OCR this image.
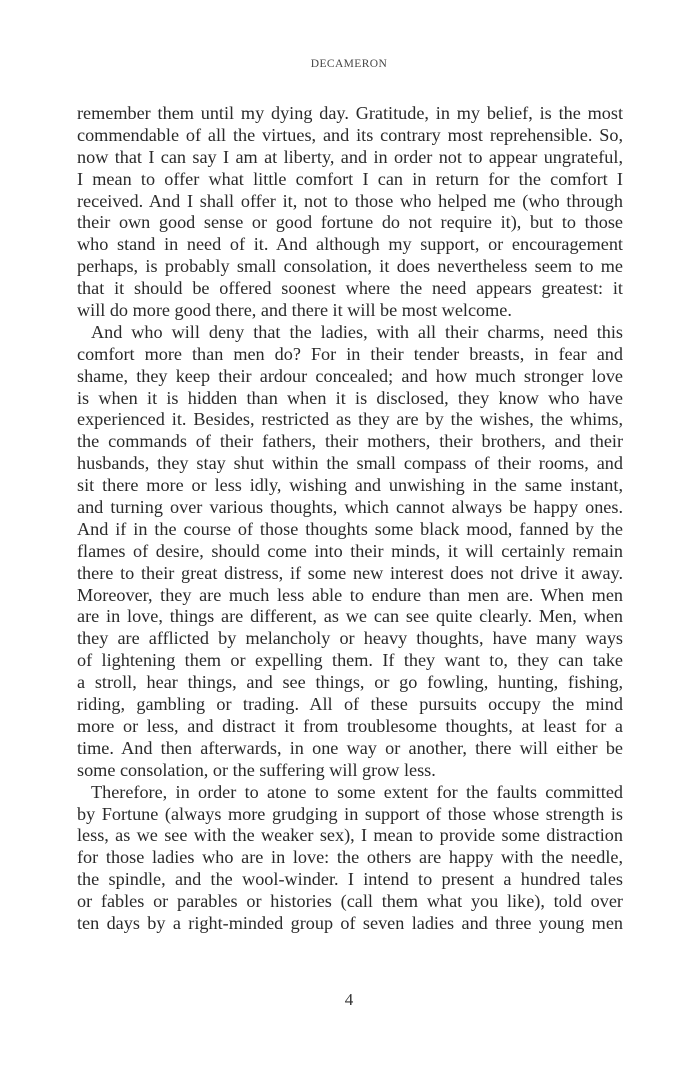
DECAMERON
remember them until my dying day. Gratitude, in my belief, is the most
commendable of all the virtues, and its contrary most reprehensible. So,
now that I can say I am at liberty, and in order not to appear ungrateful,
I mean to offer what little comfort I can in return for the comfort I
received. And I shall offer it, not to those who helped me (who through
their own good sense or good fortune do not require it), but to those
who stand in need of it. And although my support, or encouragement
perhaps, is probably small consolation, it does nevertheless seem to me
that it should be offered soonest where the need appears greatest: it
will do more good there, and there it will be most welcome.
And who will deny that the ladies, with all their charms, need this
comfort more than men do? For in their tender breasts, in fear and
shame, they keep their ardour concealed; and how much stronger love
is when it is hidden than when it is disclosed, they know who have
experienced it. Besides, restricted as they are by the wishes, the whims,
the commands of their fathers, their mothers, their brothers, and their
husbands, they stay shut within the small compass of their rooms, and
sit there more or less idly, wishing and unwishing in the same instant,
and turning over various thoughts, which cannot always be happy ones.
And if in the course of those thoughts some black mood, fanned by the
flames of desire, should come into their minds, it will certainly remain
there to their great distress, if some new interest does not drive it away.
Moreover, they are much less able to endure than men are. When men
are in love, things are different, as we can see quite clearly. Men, when
they are afflicted by melancholy or heavy thoughts, have many ways
of lightening them or expelling them. If they want to, they can take
a stroll, hear things, and see things, or go fowling, hunting, fishing,
riding, gambling or trading. All of these pursuits occupy the mind
more or less, and distract it from troublesome thoughts, at least for a
time. And then afterwards, in one way or another, there will either be
some consolation, or the suffering will grow less.
Therefore, in order to atone to some extent for the faults committed
by Fortune (always more grudging in support of those whose strength is
less, as we see with the weaker sex), I mean to provide some distraction
for those ladies who are in love: the others are happy with the needle,
the spindle, and the wool-winder. I intend to present a hundred tales
or fables or parables or histories (call them what you like), told over
ten days by a right-minded group of seven ladies and three young men
4
